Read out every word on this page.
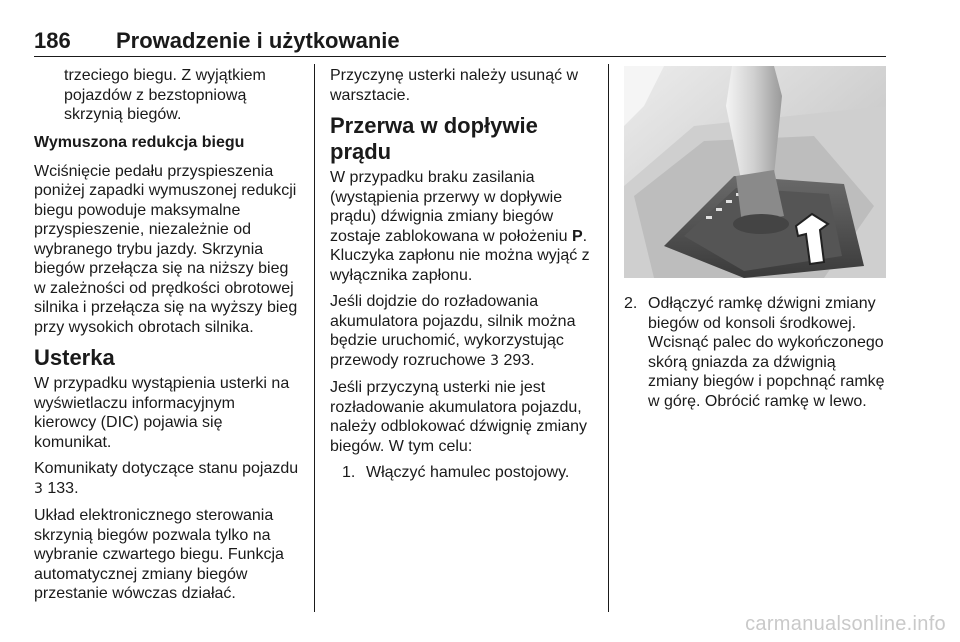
186 Prowadzenie i użytkowanie

trzeciego biegu. Z wyjątkiem pojazdów z bezstopniową skrzynią biegów.

Wymuszona redukcja biegu

Wciśnięcie pedału przyspieszenia poniżej zapadki wymuszonej redukcji biegu powoduje maksymalne przyspieszenie, niezależnie od wybranego trybu jazdy. Skrzynia biegów przełącza się na niższy bieg w zależności od prędkości obrotowej silnika i przełącza się na wyższy bieg przy wysokich obrotach silnika.

Usterka

W przypadku wystąpienia usterki na wyświetlaczu informacyjnym kierowcy (DIC) pojawia się komunikat.

Komunikaty dotyczące stanu pojazdu 3 133.

Układ elektronicznego sterowania skrzynią biegów pozwala tylko na wybranie czwartego biegu. Funkcja automatycznej zmiany biegów przestanie wówczas działać.

Przyczynę usterki należy usunąć w warsztacie.

Przerwa w dopływie prądu

W przypadku braku zasilania (wystąpienia przerwy w dopływie prądu) dźwignia zmiany biegów zostaje zablokowana w położeniu P. Kluczyka zapłonu nie można wyjąć z wyłącznika zapłonu.

Jeśli dojdzie do rozładowania akumulatora pojazdu, silnik można będzie uruchomić, wykorzystując przewody rozruchowe 3 293.

Jeśli przyczyną usterki nie jest rozładowanie akumulatora pojazdu, należy odblokować dźwignię zmiany biegów. W tym celu:

1. Włączyć hamulec postojowy.
2. Odłączyć ramkę dźwigni zmiany biegów od konsoli środkowej. Wcisnąć palec do wykończonego skórą gniazda za dźwignią zmiany biegów i popchnąć ramkę w górę. Obrócić ramkę w lewo.
carmanualsonline.info
